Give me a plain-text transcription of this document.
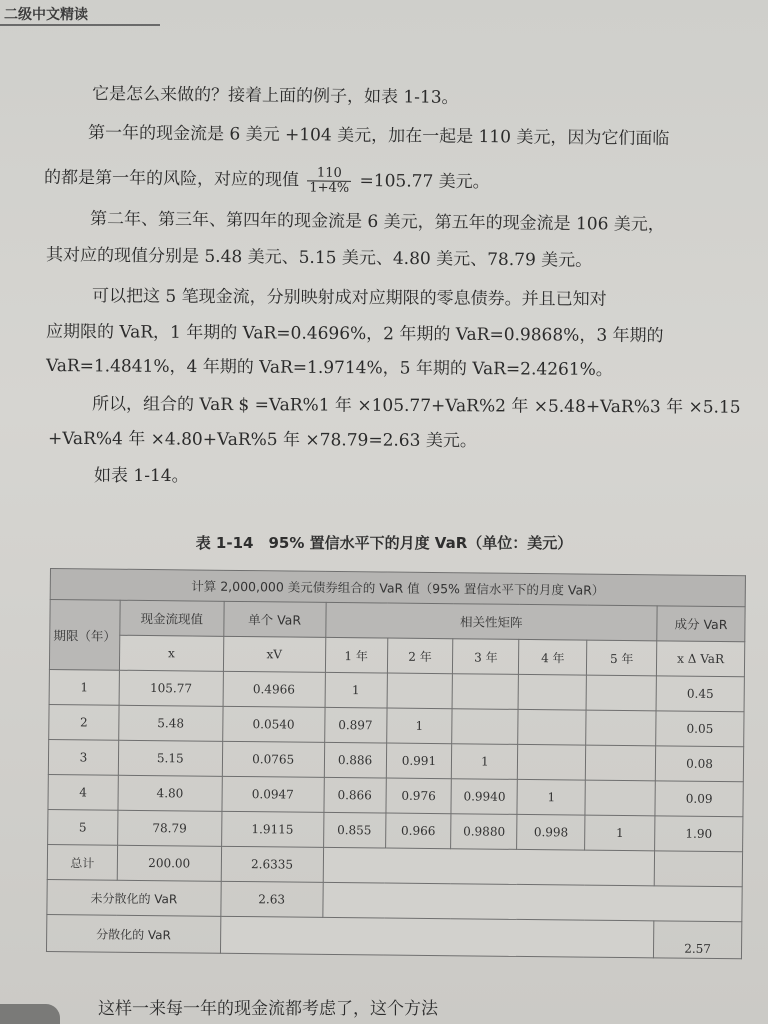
二级中文精读
它是怎么来做的？接着上面的例子，如表 1-13。
第一年的现金流是 6 美元 +104 美元，加在一起是 110 美元，因为它们面临
的都是第一年的风险，对应的现值 $\frac{110}{1+4\%} =105.77$ 美元。
第二年、第三年、第四年的现金流是 6 美元，第五年的现金流是 106 美元，
其对应的现值分别是 5.48 美元、5.15 美元、4.80 美元、78.79 美元。
可以把这 5 笔现金流，分别映射成对应期限的零息债券。并且已知对
应期限的 VaR，1 年期的 VaR=0.4696%，2 年期的 VaR=0.9868%，3 年期的
VaR=1.4841%，4 年期的 VaR=1.9714%，5 年期的 VaR=2.4261%。
所以，组合的 VaR $ =VaR%1 年 ×105.77+VaR%2 年 ×5.48+VaR%3 年 ×5.15
+VaR%4 年 ×4.80+VaR%5 年 ×78.79=2.63 美元。
如表 1-14。
表 1-14　95% 置信水平下的月度 VaR（单位：美元）
计算 2,000,000 美元债券组合的 VaR 值（95% 置信水平下的月度 VaR）								
期限（年）	现金流现值	单个 VaR	相关性矩阵					成分 VaR
	x	xV	1 年	2 年	3 年	4 年	5 年	x Δ VaR
1	105.77	0.4966	1					0.45
2	5.48	0.0540	0.897	1				0.05
3	5.15	0.0765	0.886	0.991	1			0.08
4	4.80	0.0947	0.866	0.976	0.9940	1		0.09
5	78.79	1.9115	0.855	0.966	0.9880	0.998	1	1.90
总计	200.00	2.6335						
未分散化的 VaR		2.63						
分散化的 VaR								2.57
这样一来每一年的现金流都考虑了，这个方法
